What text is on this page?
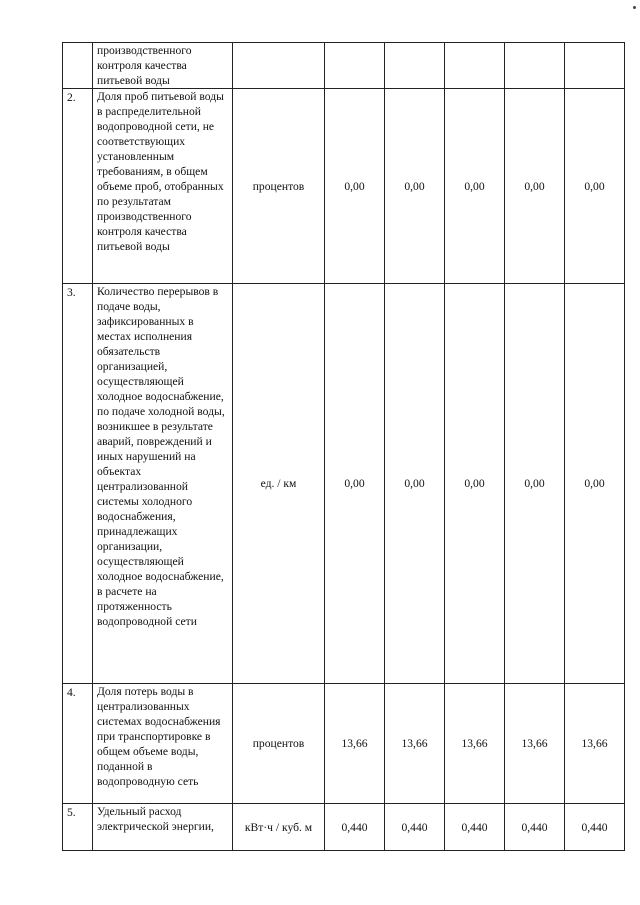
	производственного контроля качества питьевой воды						
2.	Доля проб питьевой воды в распределительной водопроводной сети, не соответствующих установленным требованиям, в общем объеме проб, отобранных по результатам производственного контроля качества питьевой воды	процентов	0,00	0,00	0,00	0,00	0,00
3.	Количество перерывов в подаче воды, зафиксированных в местах исполнения обязательств организацией, осуществляющей холодное водоснабжение, по подаче холодной воды, возникшее в результате аварий, повреждений и иных нарушений на объектах централизованной системы холодного водоснабжения, принадлежащих организации, осуществляющей холодное водоснабжение, в расчете на протяженность водопроводной сети	ед. / км	0,00	0,00	0,00	0,00	0,00
4.	Доля потерь воды в централизованных системах водоснабжения при транспортировке в общем объеме воды, поданной в водопроводную сеть	процентов	13,66	13,66	13,66	13,66	13,66
5.	Удельный расход электрической энергии,	кВт·ч / куб. м	0,440	0,440	0,440	0,440	0,440
